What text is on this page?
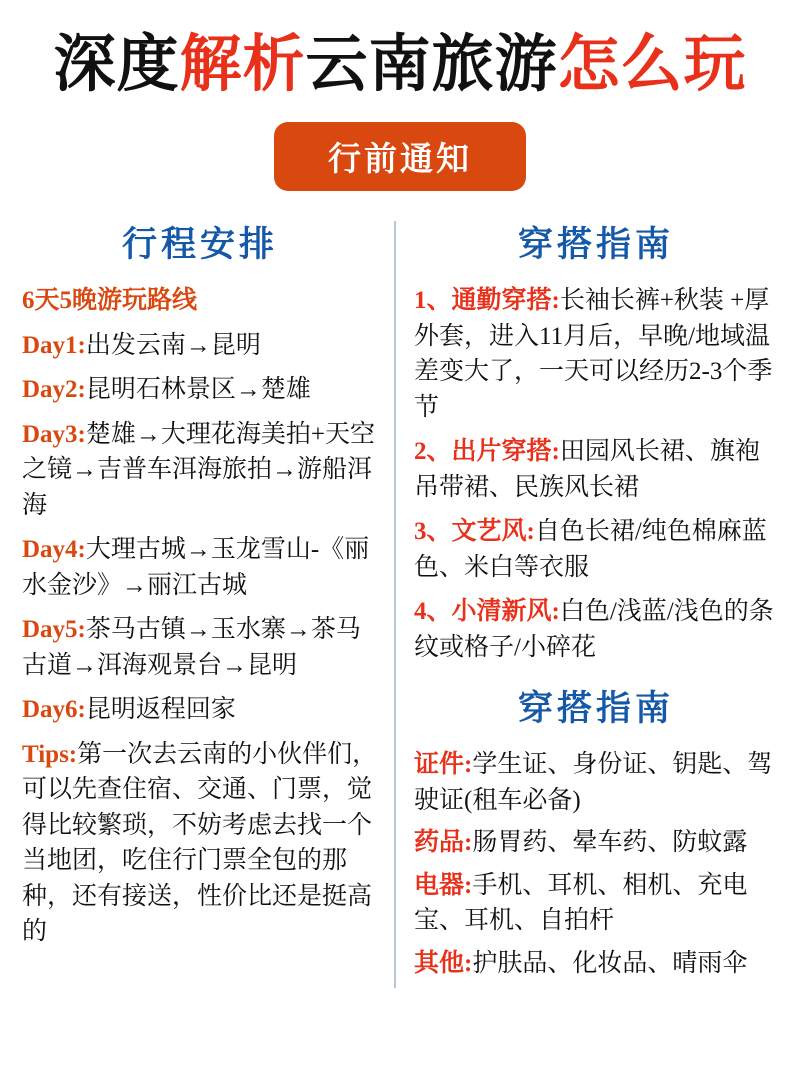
深度解析云南旅游怎么玩
行前通知
行程安排

6天5晚游玩路线

Day1:出发云南→昆明

Day2:昆明石林景区→楚雄

Day3:楚雄→大理花海美拍+天空之镜→吉普车洱海旅拍→游船洱海

Day4:大理古城→玉龙雪山-《丽水金沙》→丽江古城

Day5:茶马古镇→玉水寨→茶马古道→洱海观景台→昆明

Day6:昆明返程回家

Tips:第一次去云南的小伙伴们，可以先查住宿、交通、门票，觉得比较繁琐，不妨考虑去找一个当地团，吃住行门票全包的那种，还有接送，性价比还是挺高的

穿搭指南

1、通勤穿搭:长袖长裤+秋装 +厚外套，进入11月后，早晚/地域温差变大了，一天可以经历2-3个季节

2、出片穿搭:田园风长裙、旗袍吊带裙、民族风长裙

3、文艺风:自色长裙/纯色棉麻蓝色、米白等衣服

4、小清新风:白色/浅蓝/浅色的条纹或格子/小碎花

穿搭指南

证件:学生证、身份证、钥匙、驾驶证(租车必备)

药品:肠胃药、晕车药、防蚊露

电器:手机、耳机、相机、充电宝、耳机、自拍杆

其他:护肤品、化妆品、晴雨伞
